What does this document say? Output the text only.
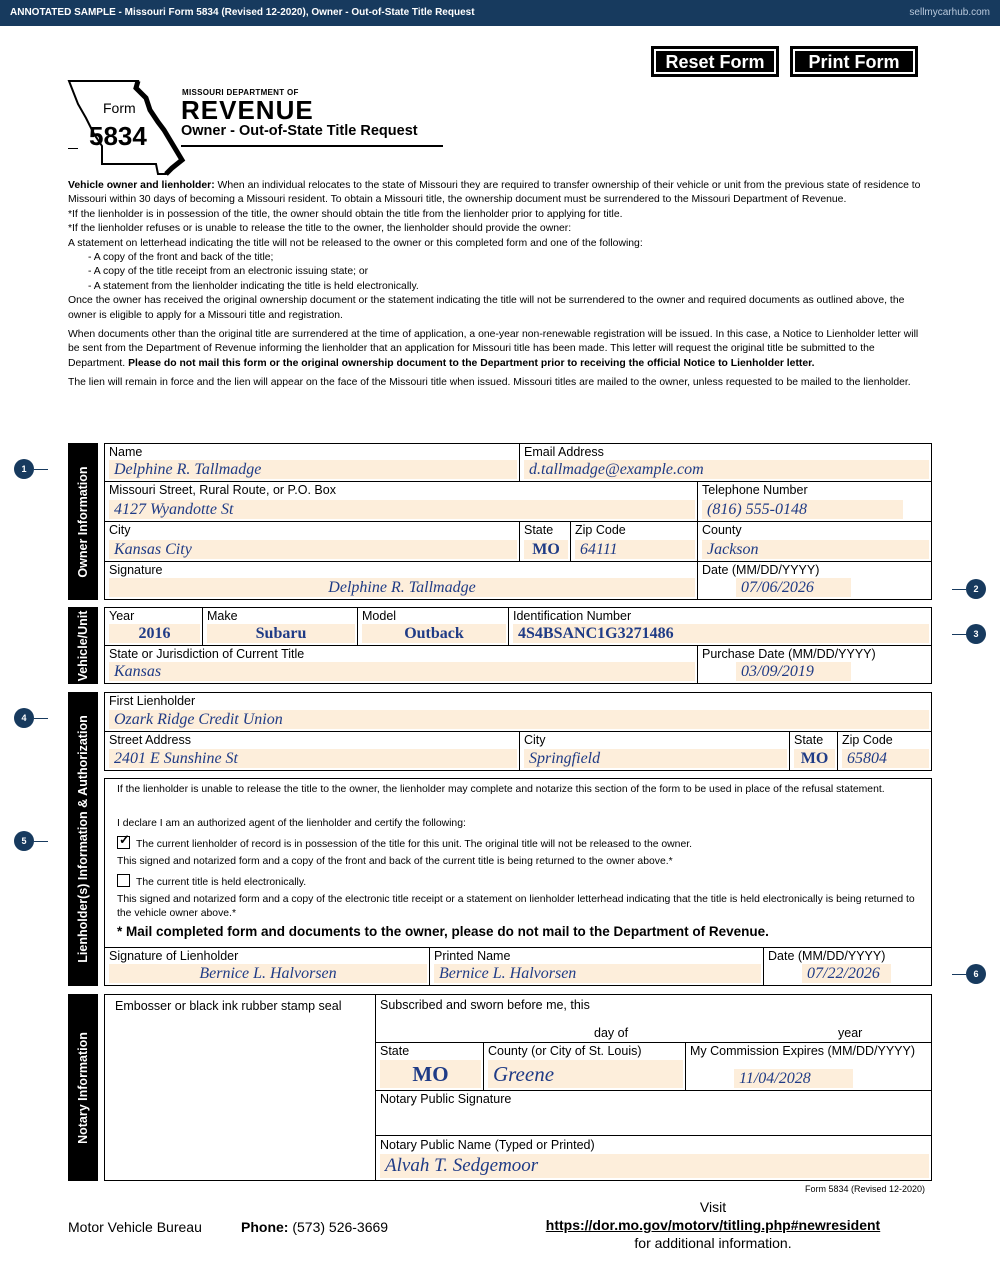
ANNOTATED SAMPLE - Missouri Form 5834 (Revised 12-2020), Owner - Out-of-State Title Request	sellmycarhub.com
Reset Form	Print Form
Form
5834
MISSOURI DEPARTMENT OF
REVENUE
Owner - Out-of-State Title Request

Vehicle owner and lienholder: When an individual relocates to the state of Missouri they are required to transfer ownership of their vehicle or unit from the previous state of residence to Missouri within 30 days of becoming a Missouri resident. To obtain a Missouri title, the ownership document must be surrendered to the Missouri Department of Revenue.

*If the lienholder is in possession of the title, the owner should obtain the title from the lienholder prior to applying for title.

*If the lienholder refuses or is unable to release the title to the owner, the lienholder should provide the owner:

A statement on letterhead indicating the title will not be released to the owner or this completed form and one of the following:

- A copy of the front and back of the title;

- A copy of the title receipt from an electronic issuing state; or

- A statement from the lienholder indicating the title is held electronically.

Once the owner has received the original ownership document or the statement indicating the title will not be surrendered to the owner and required documents as outlined above, the owner is eligible to apply for a Missouri title and registration.

When documents other than the original title are surrendered at the time of application, a one-year non-renewable registration will be issued. In this case, a Notice to Lienholder letter will be sent from the Department of Revenue informing the lienholder that an application for Missouri title has been made. This letter will request the original title be submitted to the Department. Please do not mail this form or the original ownership document to the Department prior to receiving the official Notice to Lienholder letter.

The lien will remain in force and the lien will appear on the face of the Missouri title when issued. Missouri titles are mailed to the owner, unless requested to be mailed to the lienholder.

Owner Information
Name
Delphine R. Tallmadge
Email Address
d.tallmadge@example.com
Missouri Street, Rural Route, or P.O. Box
4127 Wyandotte St
Telephone Number
(816) 555-0148
City
Kansas City
State
MO
Zip Code
64111
County
Jackson
Signature
Delphine R. Tallmadge
Date (MM/DD/YYYY)
07/06/2026
Vehicle/Unit Year
2016
Make
Subaru
Model
Outback
Identification Number
4S4BSANC1G3271486
State or Jurisdiction of Current Title
Kansas
Purchase Date (MM/DD/YYYY)
03/09/2019
Lienholder(s) Information & Authorization
First Lienholder
Ozark Ridge Credit Union
Street Address
2401 E Sunshine St
City
Springfield
State
MO
Zip Code
65804
If the lienholder is unable to release the title to the owner, the lienholder may complete and notarize this section of the form to be used in place of the refusal statement.
I declare I am an authorized agent of the lienholder and certify the following:
✓The current lienholder of record is in possession of the title for this unit. The original title will not be released to the owner.
This signed and notarized form and a copy of the front and back of the current title is being returned to the owner above.*
The current title is held electronically.
This signed and notarized form and a copy of the electronic title receipt or a statement on lienholder letterhead indicating that the title is held electronically is being returned to the vehicle owner above.*
* Mail completed form and documents to the owner, please do not mail to the Department of Revenue.
Signature of Lienholder
Bernice L. Halvorsen
Printed Name
Bernice L. Halvorsen
Date (MM/DD/YYYY)
07/22/2026
Notary Information
Embosser or black ink rubber stamp seal	Subscribed and sworn before me, this
day of	year
State
MO
County (or City of St. Louis)
Greene
My Commission Expires (MM/DD/YYYY)
11/04/2028
Notary Public Signature
Notary Public Name (Typed or Printed)
Alvah T. Sedgemoor
1
2
3
4
5
6
Form 5834 (Revised 12-2020)
Motor Vehicle Bureau	Phone: (573) 526-3669
Visit
https://dor.mo.gov/motorv/titling.php#newresident
for additional information.
